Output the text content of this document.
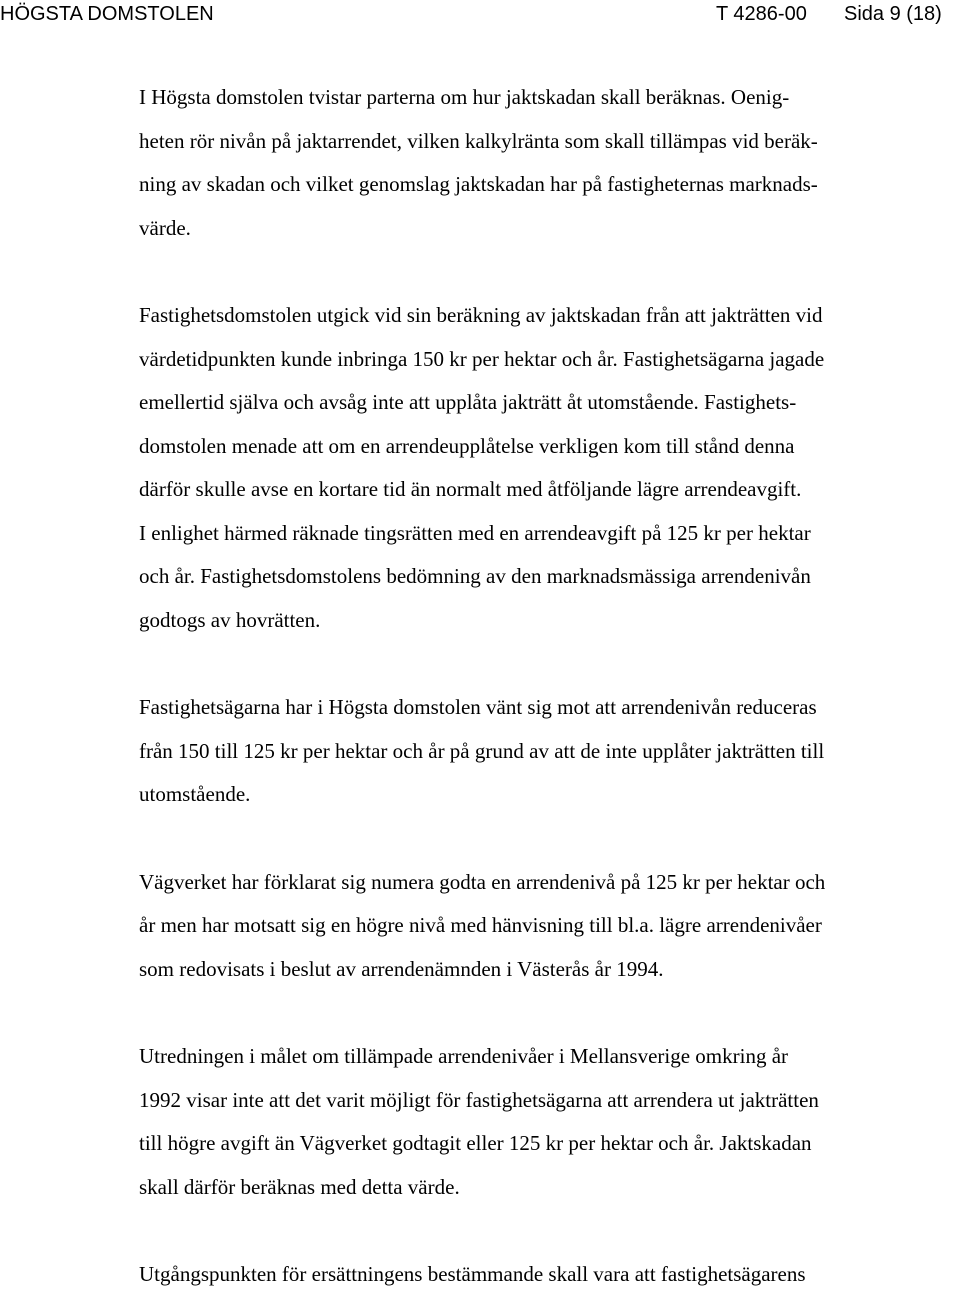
HÖGSTA DOMSTOLEN	T 4286-00 Sida 9 (18)

I Högsta domstolen tvistar parterna om hur jaktskadan skall beräknas. Oenig-
heten rör nivån på jaktarrendet, vilken kalkylränta som skall tillämpas vid beräk-
ning av skadan och vilket genomslag jaktskadan har på fastigheternas marknads-
värde.

Fastighetsdomstolen utgick vid sin beräkning av jaktskadan från att jakträtten vid
värdetidpunkten kunde inbringa 150 kr per hektar och år. Fastighetsägarna jagade
emellertid själva och avsåg inte att upplåta jakträtt åt utomstående. Fastighets-
domstolen menade att om en arrendeupplåtelse verkligen kom till stånd denna
därför skulle avse en kortare tid än normalt med åtföljande lägre arrendeavgift.
I enlighet härmed räknade tingsrätten med en arrendeavgift på 125 kr per hektar
och år. Fastighetsdomstolens bedömning av den marknadsmässiga arrendenivån
godtogs av hovrätten.

Fastighetsägarna har i Högsta domstolen vänt sig mot att arrendenivån reduceras
från 150 till 125 kr per hektar och år på grund av att de inte upplåter jakträtten till
utomstående.

Vägverket har förklarat sig numera godta en arrendenivå på 125 kr per hektar och
år men har motsatt sig en högre nivå med hänvisning till bl.a. lägre arrendenivåer
som redovisats i beslut av arrendenämnden i Västerås år 1994.

Utredningen i målet om tillämpade arrendenivåer i Mellansverige omkring år
1992 visar inte att det varit möjligt för fastighetsägarna att arrendera ut jakträtten
till högre avgift än Vägverket godtagit eller 125 kr per hektar och år. Jaktskadan
skall därför beräknas med detta värde.

Utgångspunkten för ersättningens bestämmande skall vara att fastighetsägarens
